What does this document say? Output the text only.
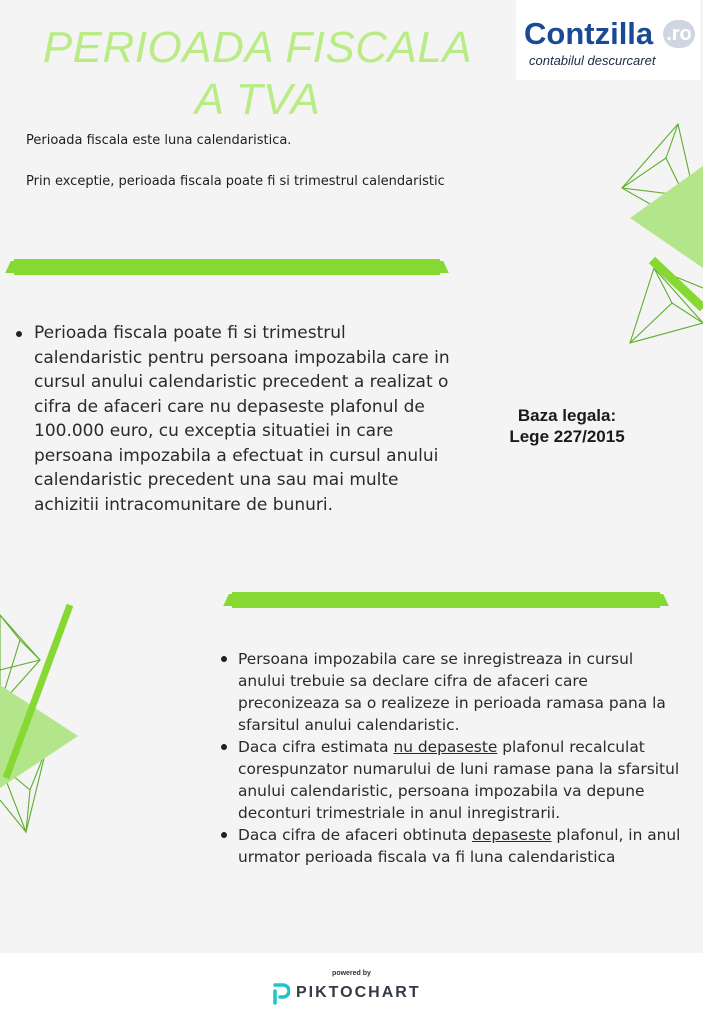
PERIOADA FISCALA
A TVA
Contzilla .ro
contabilul descurcaret

Perioada fiscala este luna calendaristica.

Prin exceptie, perioada fiscala poate fi si trimestrul calendaristic

Perioada fiscala poate fi si trimestrul calendaristic pentru persoana impozabila care in cursul anului calendaristic precedent a realizat o cifra de afaceri care nu depaseste plafonul de 100.000 euro, cu exceptia situatiei in care persoana impozabila a efectuat in cursul anului calendaristic precedent una sau mai multe achizitii intracomunitare de bunuri.
Baza legala:
Lege 227/2015
Persoana impozabila care se inregistreaza in cursul anului trebuie sa declare cifra de afaceri care preconizeaza sa o realizeze in perioada ramasa pana la sfarsitul anului calendaristic.
Daca cifra estimata nu depaseste plafonul recalculat corespunzator numarului de luni ramase pana la sfarsitul anului calendaristic, persoana impozabila va depune deconturi trimestriale in anul inregistrarii.
Daca cifra de afaceri obtinuta depaseste plafonul, in anul urmator perioada fiscala va fi luna calendaristica
powered by
PIKTOCHART
